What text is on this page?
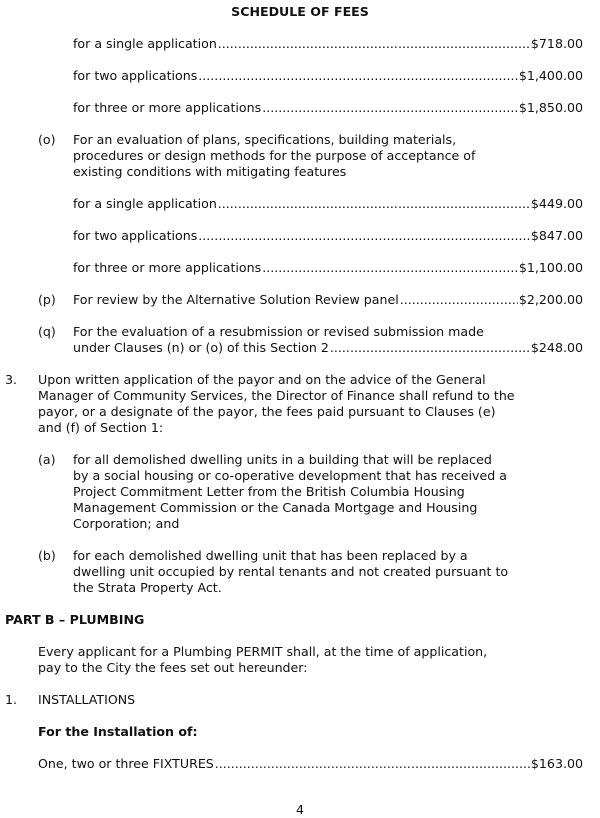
SCHEDULE OF FEES
for a single application .....	$718.00
for two applications .....	$1,400.00
for three or more applications .....	$1,850.00
(o) For an evaluation of plans, specifications, building materials,
procedures or design methods for the purpose of acceptance of
existing conditions with mitigating features
for a single application .....	$449.00
for two applications .....	$847.00
for three or more applications .....	$1,100.00
(p) For review by the Alternative Solution Review panel .....	$2,200.00
(q) For the evaluation of a resubmission or revised submission made
under Clauses (n) or (o) of this Section 2 .....	$248.00
3. Upon written application of the payor and on the advice of the General
Manager of Community Services, the Director of Finance shall refund to the
payor, or a designate of the payor, the fees paid pursuant to Clauses (e)
and (f) of Section 1:
(a) for all demolished dwelling units in a building that will be replaced
by a social housing or co-operative development that has received a
Project Commitment Letter from the British Columbia Housing
Management Commission or the Canada Mortgage and Housing
Corporation; and
(b) for each demolished dwelling unit that has been replaced by a
dwelling unit occupied by rental tenants and not created pursuant to
the Strata Property Act.
PART B – PLUMBING
Every applicant for a Plumbing PERMIT shall, at the time of application,
pay to the City the fees set out hereunder:
1. INSTALLATIONS
For the Installation of:
One, two or three FIXTURES .....	$163.00
4
